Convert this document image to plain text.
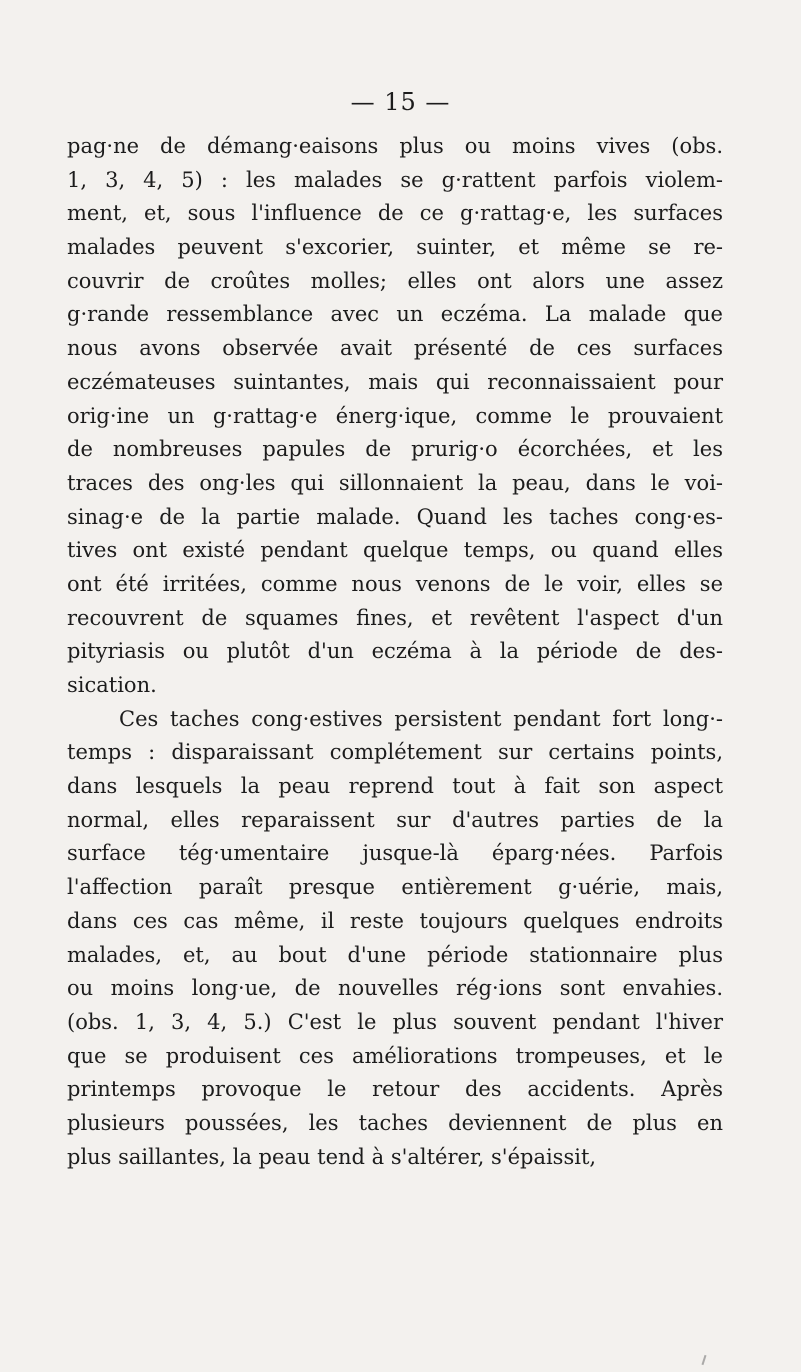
— 15 —
pag·ne de démang·eaisons plus ou moins vives (obs.
1, 3, 4, 5) : les malades se g·rattent parfois violem-
ment, et, sous l'influence de ce g·rattag·e, les surfaces
malades peuvent s'excorier, suinter, et même se re-
couvrir de croûtes molles; elles ont alors une assez
g·rande ressemblance avec un eczéma. La malade que
nous avons observée avait présenté de ces surfaces
eczémateuses suintantes, mais qui reconnaissaient pour
orig·ine un g·rattag·e énerg·ique, comme le prouvaient
de nombreuses papules de prurig·o écorchées, et les
traces des ong·les qui sillonnaient la peau, dans le voi-
sinag·e de la partie malade. Quand les taches cong·es-
tives ont existé pendant quelque temps, ou quand elles
ont été irritées, comme nous venons de le voir, elles se
recouvrent de squames fines, et revêtent l'aspect d'un
pityriasis ou plutôt d'un eczéma à la période de des-
sication.
Ces taches cong·estives persistent pendant fort long·-
temps : disparaissant complétement sur certains points,
dans lesquels la peau reprend tout à fait son aspect
normal, elles reparaissent sur d'autres parties de la
surface tég·umentaire jusque-là éparg·nées. Parfois
l'affection paraît presque entièrement g·uérie, mais,
dans ces cas même, il reste toujours quelques endroits
malades, et, au bout d'une période stationnaire plus
ou moins long·ue, de nouvelles rég·ions sont envahies.
(obs. 1, 3, 4, 5.) C'est le plus souvent pendant l'hiver
que se produisent ces améliorations trompeuses, et le
printemps provoque le retour des accidents. Après
plusieurs poussées, les taches deviennent de plus en
plus saillantes, la peau tend à s'altérer, s'épaissit,
